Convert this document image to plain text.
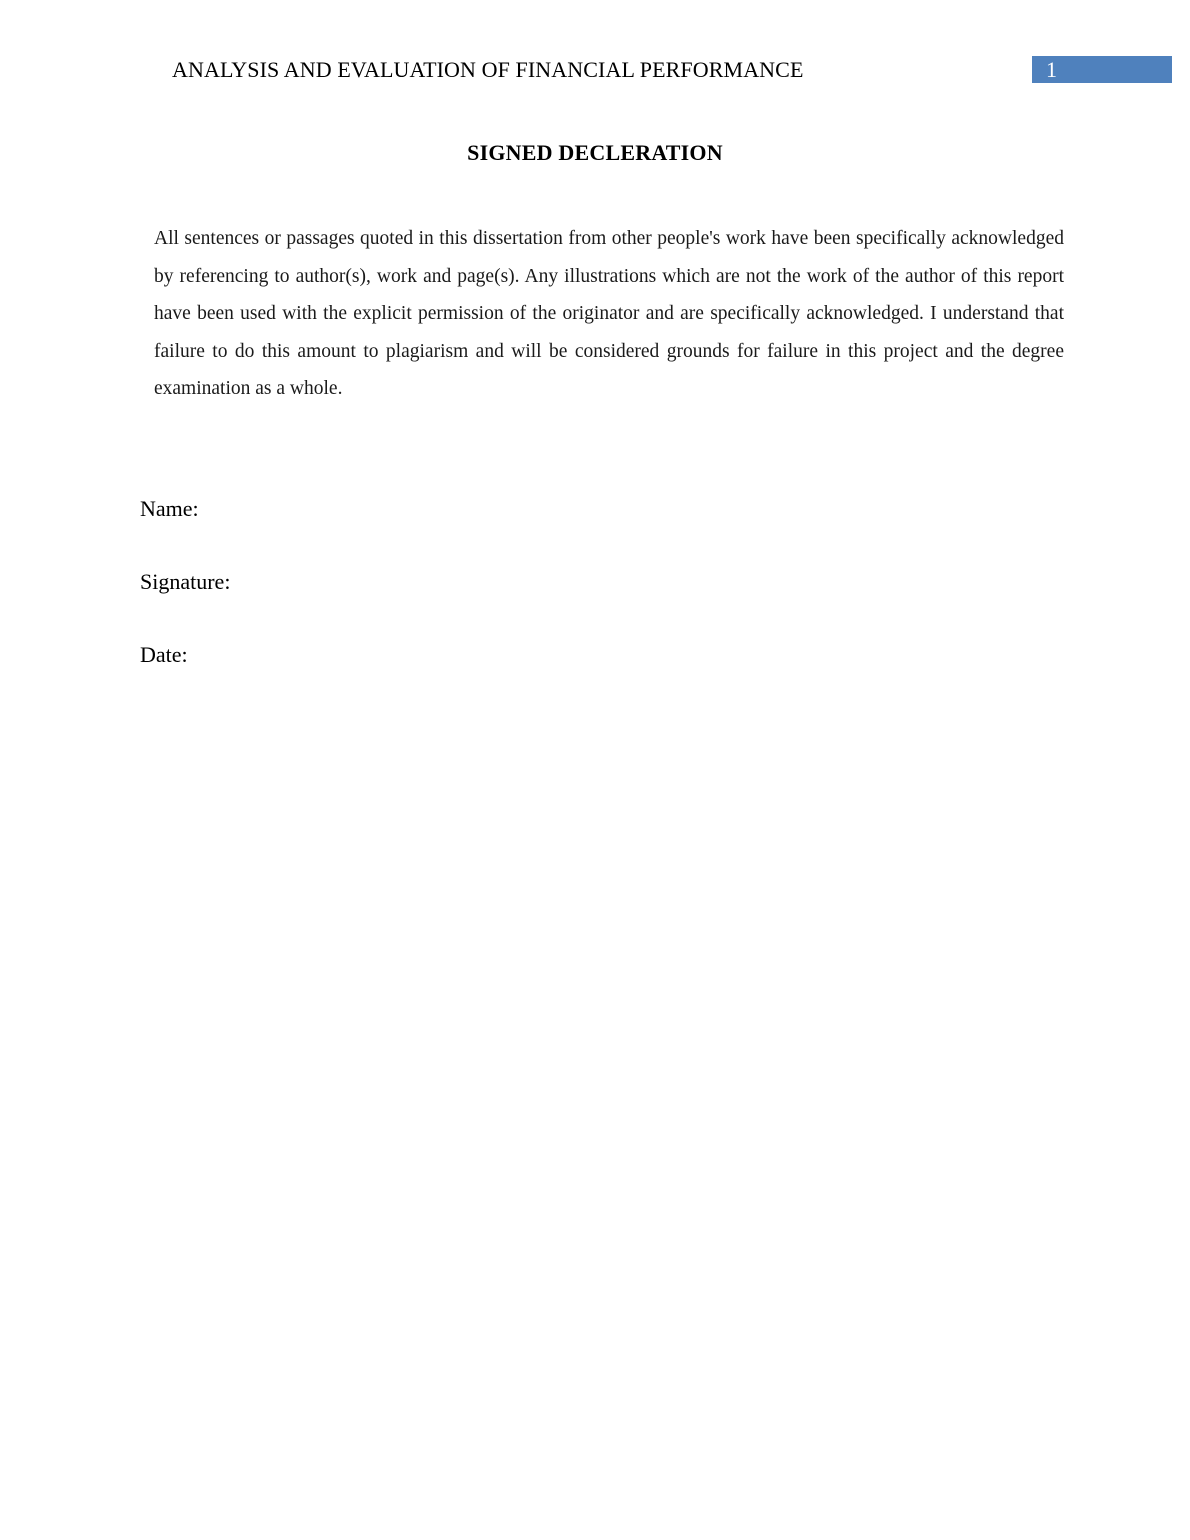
ANALYSIS AND EVALUATION OF FINANCIAL PERFORMANCE	1
SIGNED DECLERATION

All sentences or passages quoted in this dissertation from other people's work have been specifically acknowledged by referencing to author(s), work and page(s). Any illustrations which are not the work of the author of this report have been used with the explicit permission of the originator and are specifically acknowledged. I understand that failure to do this amount to plagiarism and will be considered grounds for failure in this project and the degree examination as a whole.

Name:
Signature:
Date:
